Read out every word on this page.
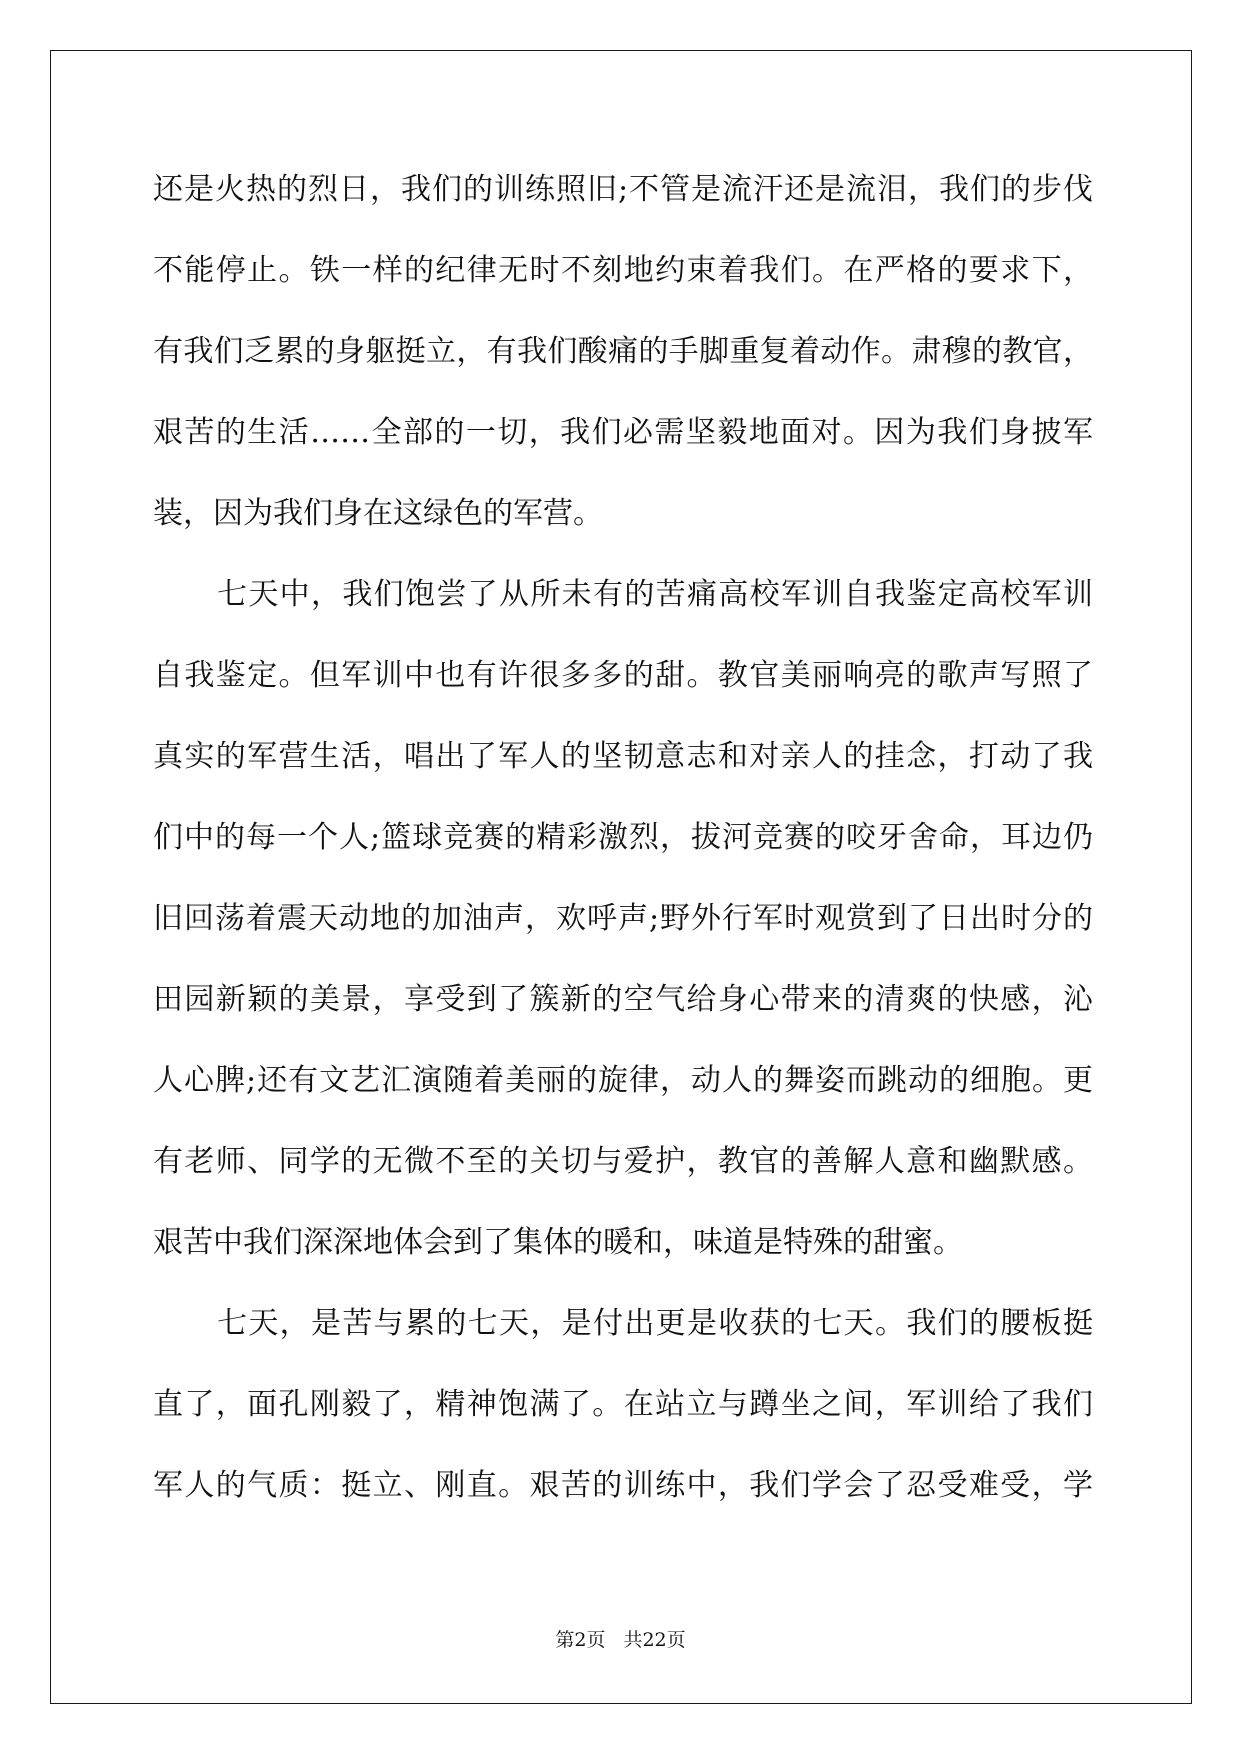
还是火热的烈日，我们的训练照旧;不管是流汗还是流泪，我们的步伐
不能停止。铁一样的纪律无时不刻地约束着我们。在严格的要求下，
有我们乏累的身躯挺立，有我们酸痛的手脚重复着动作。肃穆的教官，
艰苦的生活……全部的一切，我们必需坚毅地面对。因为我们身披军
装，因为我们身在这绿色的军营。
七天中，我们饱尝了从所未有的苦痛高校军训自我鉴定高校军训
自我鉴定。但军训中也有许很多多的甜。教官美丽响亮的歌声写照了
真实的军营生活，唱出了军人的坚韧意志和对亲人的挂念，打动了我
们中的每一个人;篮球竞赛的精彩激烈，拔河竞赛的咬牙舍命，耳边仍
旧回荡着震天动地的加油声，欢呼声;野外行军时观赏到了日出时分的
田园新颖的美景，享受到了簇新的空气给身心带来的清爽的快感，沁
人心脾;还有文艺汇演随着美丽的旋律，动人的舞姿而跳动的细胞。更
有老师、同学的无微不至的关切与爱护，教官的善解人意和幽默感。
艰苦中我们深深地体会到了集体的暖和，味道是特殊的甜蜜。
七天，是苦与累的七天，是付出更是收获的七天。我们的腰板挺
直了，面孔刚毅了，精神饱满了。在站立与蹲坐之间，军训给了我们
军人的气质：挺立、刚直。艰苦的训练中，我们学会了忍受难受，学
第2页 共22页
